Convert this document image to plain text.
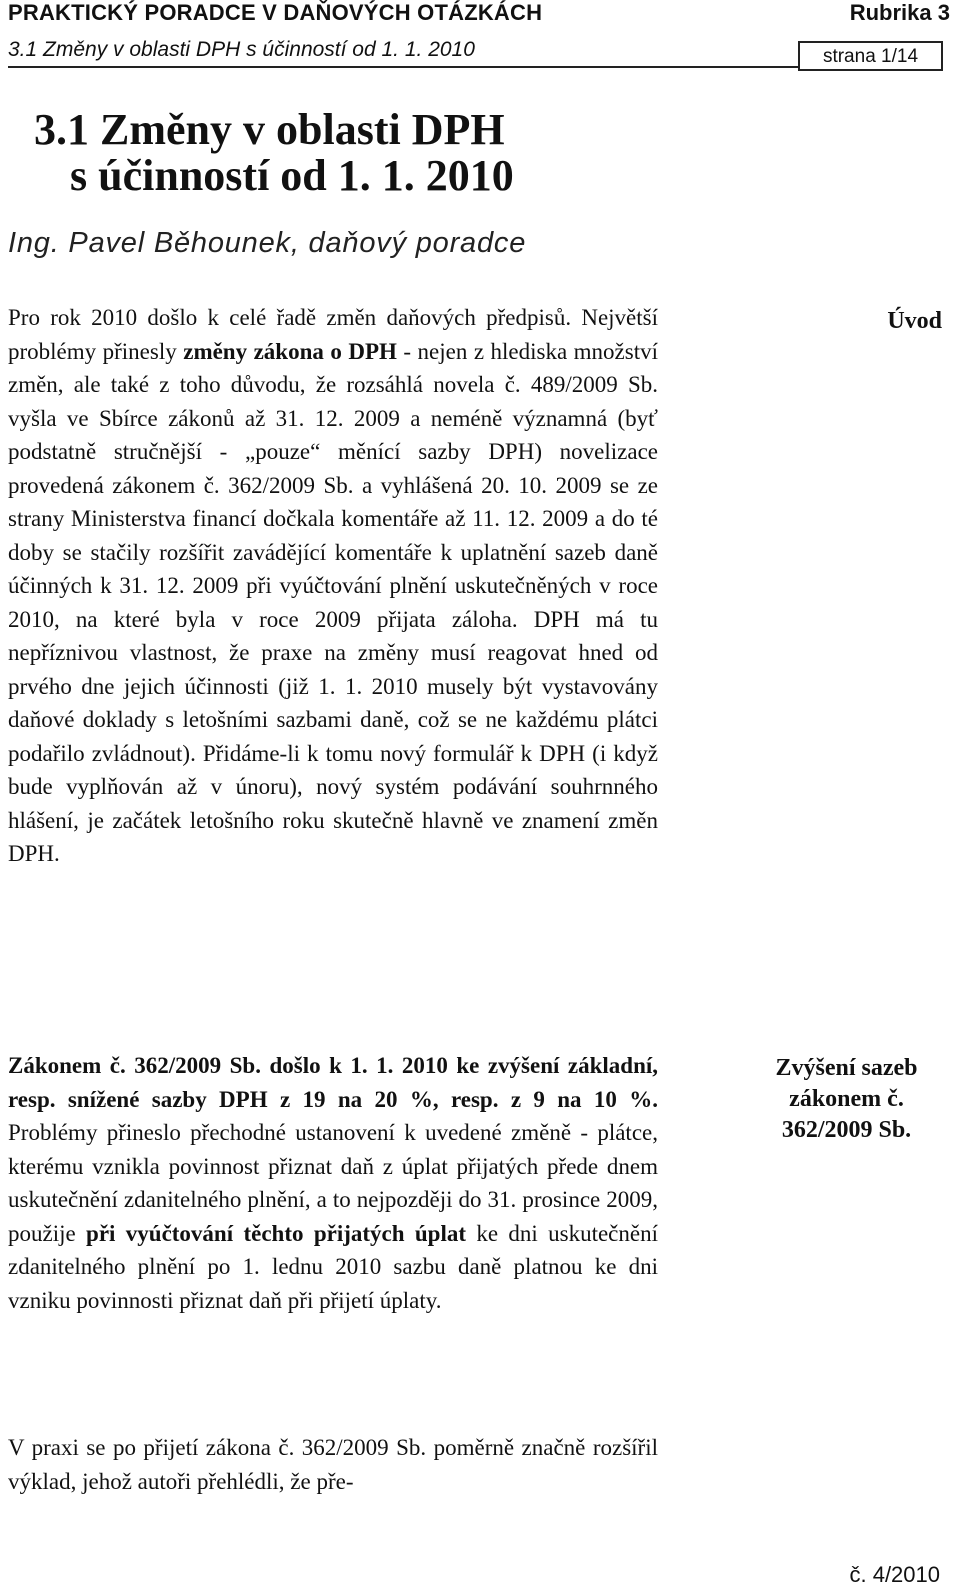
PRAKTICKÝ PORADCE V DAŇOVÝCH OTÁZKÁCH	Rubrika 3
3.1 Změny v oblasti DPH s účinností od 1. 1. 2010	strana 1/14
3.1 Změny v oblasti DPH
s účinností od 1. 1. 2010
Ing. Pavel Běhounek, daňový poradce
Pro rok 2010 došlo k celé řadě změn daňových předpisů. Největší problémy přinesly změny zákona o DPH - nejen z hlediska množství změn, ale také z toho důvodu, že rozsáhlá novela č. 489/2009 Sb. vyšla ve Sbírce zákonů až 31. 12. 2009 a neméně významná (byť podstatně stručnější - „pouze“ měnící sazby DPH) novelizace provedená zákonem č. 362/2009 Sb. a vyhlášená 20. 10. 2009 se ze strany Ministerstva financí dočkala komentáře až 11. 12. 2009 a do té doby se stačily rozšířit zavádějící komentáře k uplatnění sazeb daně účinných k 31. 12. 2009 při vyúčtování plnění uskutečněných v roce 2010, na které byla v roce 2009 přijata záloha. DPH má tu nepříznivou vlastnost, že praxe na změny musí reagovat hned od prvého dne jejich účinnosti (již 1. 1. 2010 musely být vystavovány daňové doklady s letošními sazbami daně, což se ne každému plátci podařilo zvládnout). Přidáme-li k tomu nový formulář k DPH (i když bude vyplňován až v únoru), nový systém podávání souhrnného hlášení, je začátek letošního roku skutečně hlavně ve znamení změn DPH.
Úvod
Zákonem č. 362/2009 Sb. došlo k 1. 1. 2010 ke zvýšení základní, resp. snížené sazby DPH z 19 na 20 %, resp. z 9 na 10 %. Problémy přineslo přechodné ustanovení k uvedené změně - plátce, kterému vznikla povinnost přiznat daň z úplat přijatých přede dnem uskutečnění zdanitelného plnění, a to nejpozději do 31. prosince 2009, použije při vyúčtování těchto přijatých úplat ke dni uskutečnění zdanitelného plnění po 1. lednu 2010 sazbu daně platnou ke dni vzniku povinnosti přiznat daň při přijetí úplaty.
Zvýšení sazeb zákonem č. 362/2009 Sb.
V praxi se po přijetí zákona č. 362/2009 Sb. poměrně značně rozšířil výklad, jehož autoři přehlédli, že pře-
č. 4/2010
